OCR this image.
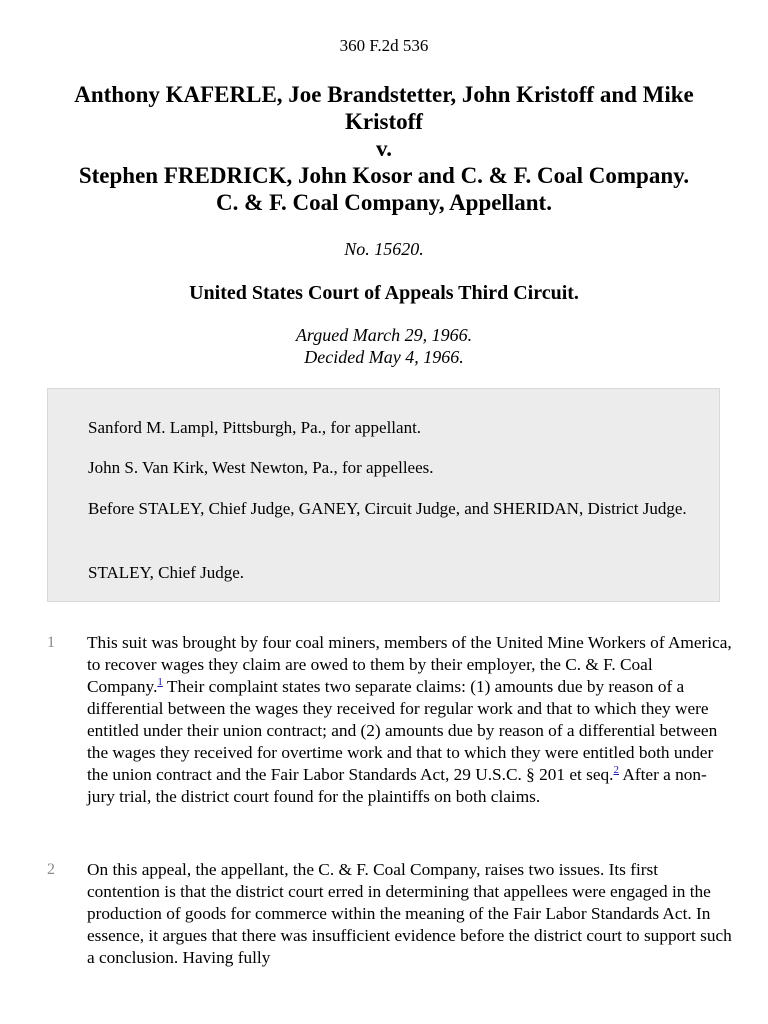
360 F.2d 536
Anthony KAFERLE, Joe Brandstetter, John Kristoff and Mike
Kristoff
v.
Stephen FREDRICK, John Kosor and C. & F. Coal Company.
C. & F. Coal Company, Appellant.
No. 15620.
United States Court of Appeals Third Circuit.
Argued March 29, 1966.
Decided May 4, 1966.

Sanford M. Lampl, Pittsburgh, Pa., for appellant.

John S. Van Kirk, West Newton, Pa., for appellees.

Before STALEY, Chief Judge, GANEY, Circuit Judge, and SHERIDAN, District Judge.

STALEY, Chief Judge.

1	This suit was brought by four coal miners, members of the United Mine Workers of America, to recover wages they claim are owed to them by their employer, the C. & F. Coal Company.$^1$ Their complaint states two separate claims: (1) amounts due by reason of a differential between the wages they received for regular work and that to which they were entitled under their union contract; and (2) amounts due by reason of a differential between the wages they received for overtime work and that to which they were entitled both under the union contract and the Fair Labor Standards Act, 29 U.S.C. § 201 et seq.$^2$ After a non-jury trial, the district court found for the plaintiffs on both claims.

2	On this appeal, the appellant, the C. & F. Coal Company, raises two issues. Its first contention is that the district court erred in determining that appellees were engaged in the production of goods for commerce within the meaning of the Fair Labor Standards Act. In essence, it argues that there was insufficient evidence before the district court to support such a conclusion. Having fully
